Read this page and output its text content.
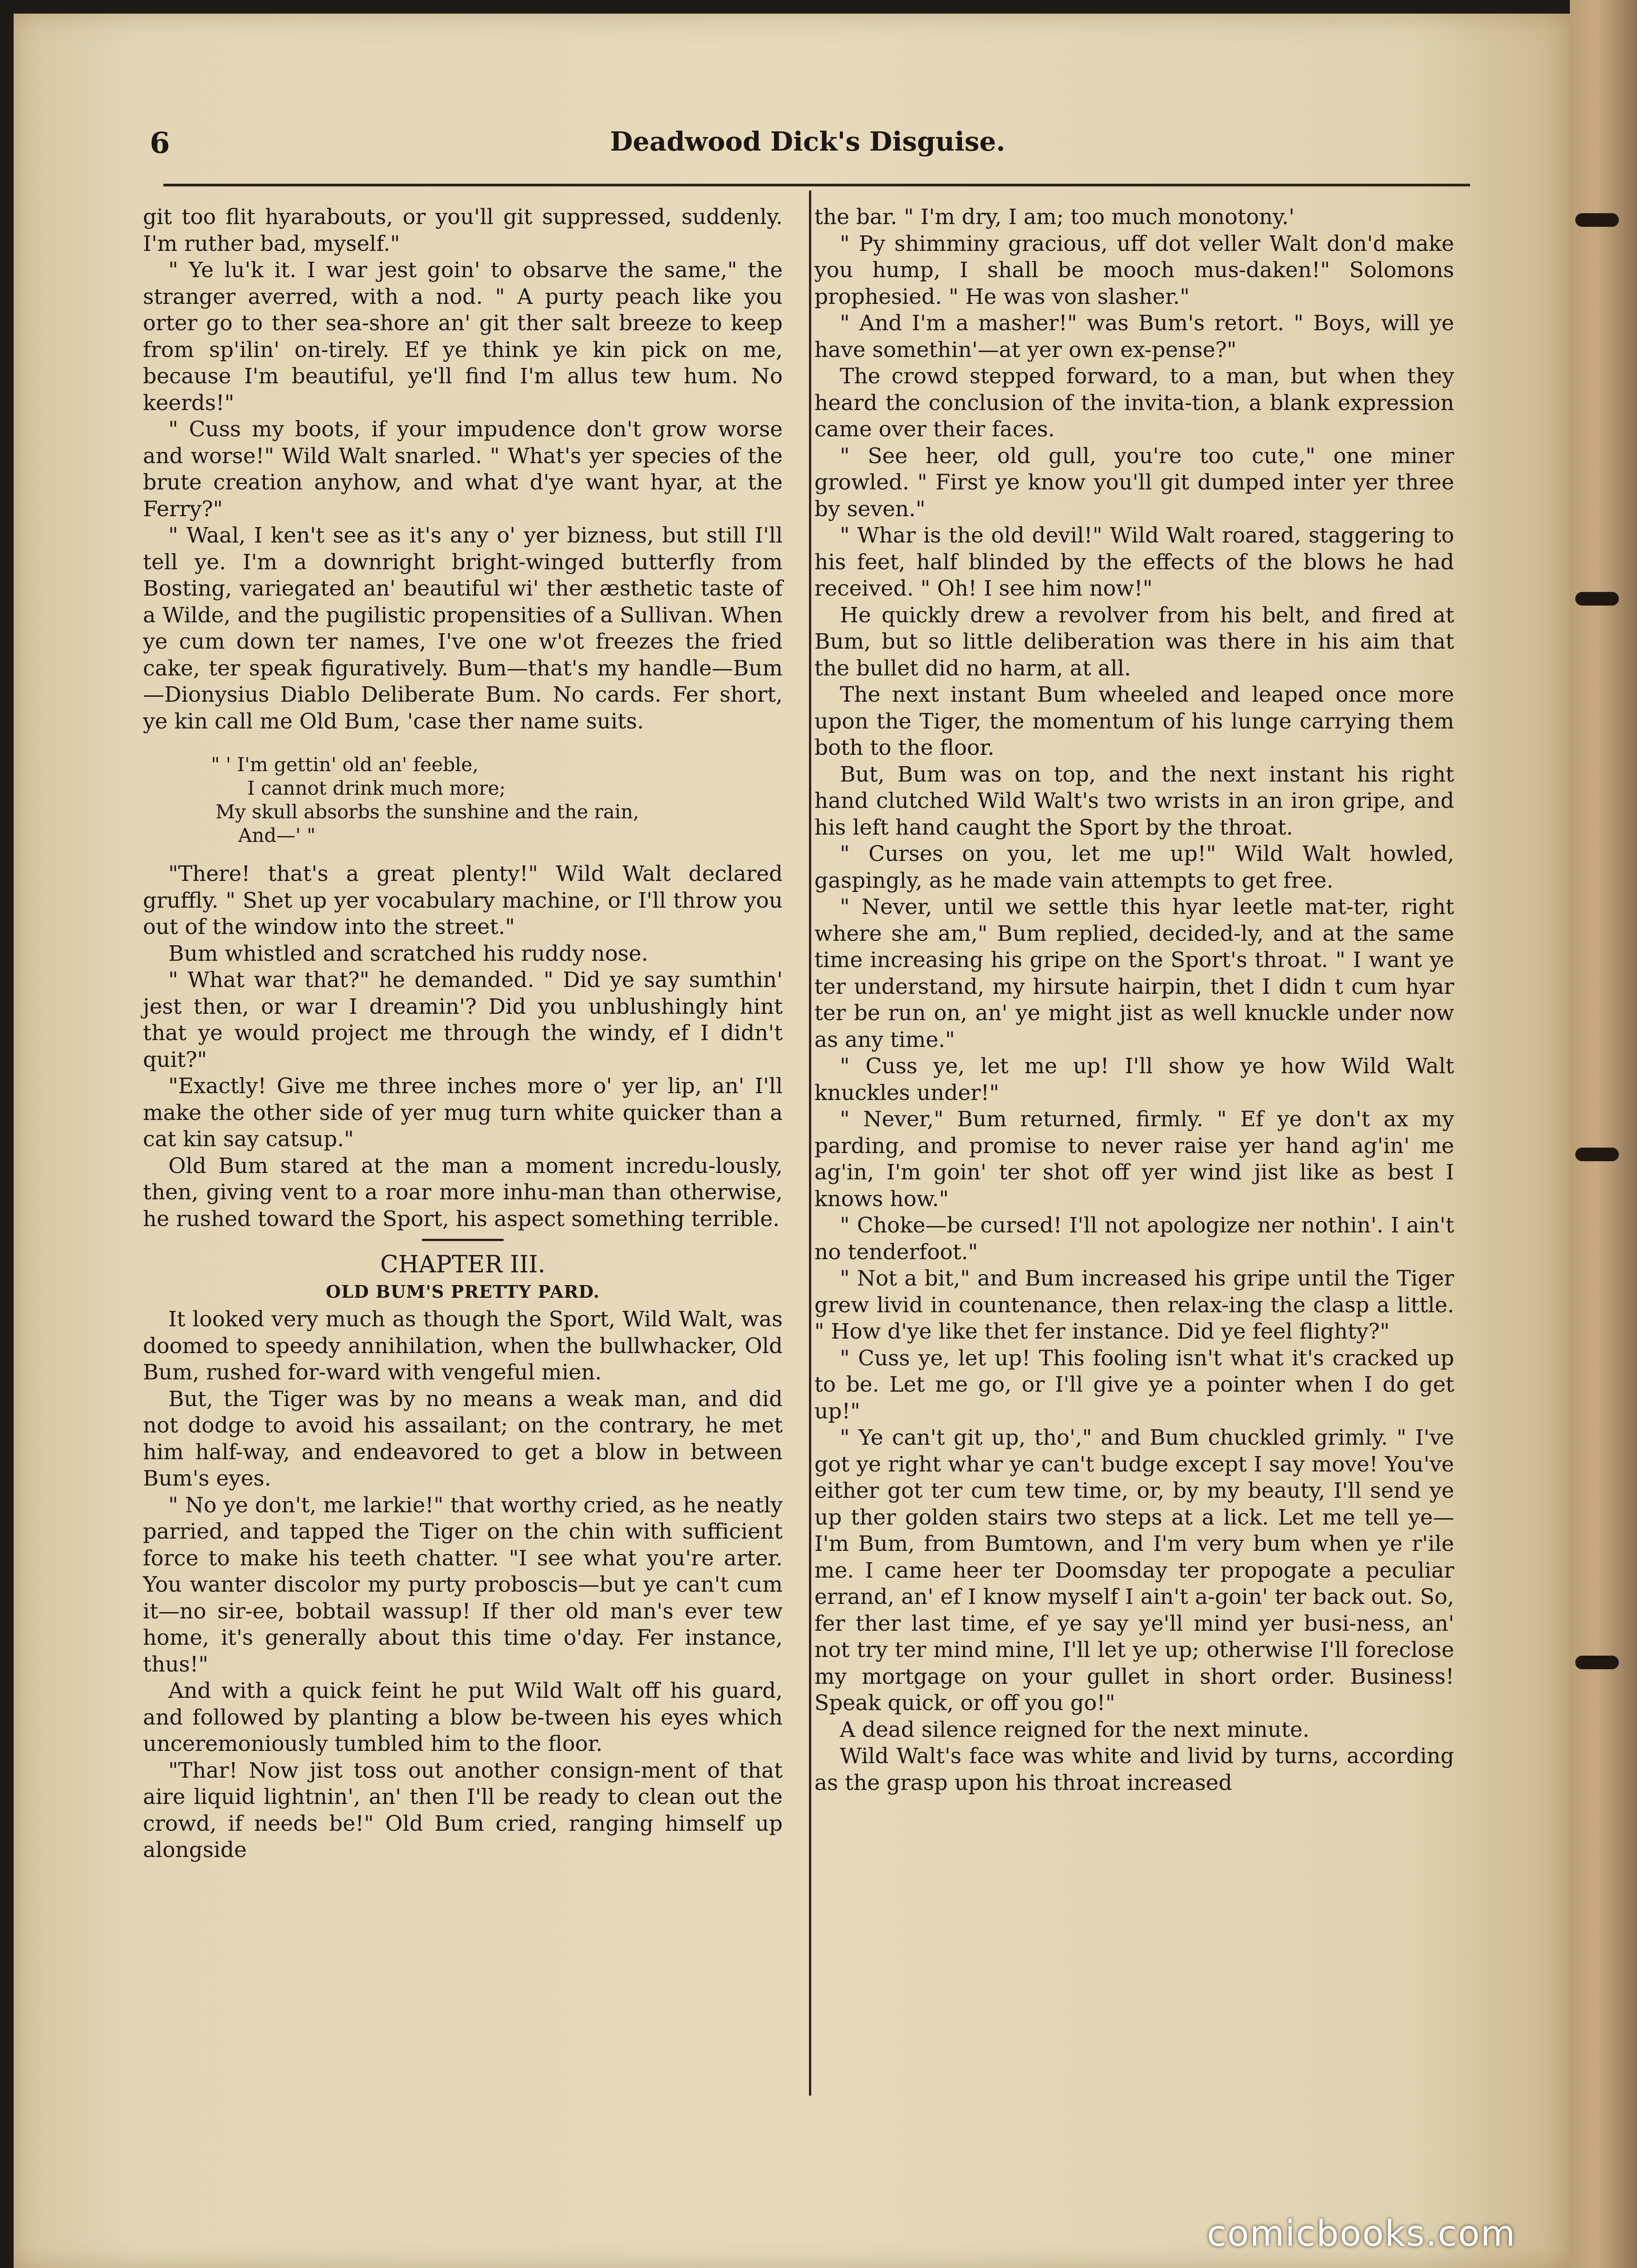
6	Deadwood Dick's Disguise.

git too flit hyarabouts, or you'll git suppressed, suddenly. I'm ruther bad, myself."

" Ye lu'k it. I war jest goin' to obsarve the same," the stranger averred, with a nod. " A purty peach like you orter go to ther sea-shore an' git ther salt breeze to keep from sp'ilin' on-tirely. Ef ye think ye kin pick on me, because I'm beautiful, ye'll find I'm allus tew hum. No keerds!"

" Cuss my boots, if your impudence don't grow worse and worse!" Wild Walt snarled. " What's yer species of the brute creation anyhow, and what d'ye want hyar, at the Ferry?"

" Waal, I ken't see as it's any o' yer bizness, but still I'll tell ye. I'm a downright bright-winged butterfly from Bosting, variegated an' beautiful wi' ther æsthetic taste of a Wilde, and the pugilistic propensities of a Sullivan. When ye cum down ter names, I've one w'ot freezes the fried cake, ter speak figuratively. Bum—that's my handle—Bum—Dionysius Diablo Deliberate Bum. No cards. Fer short, ye kin call me Old Bum, 'case ther name suits.

" ' I'm gettin' old an' feeble,
I cannot drink much more;
My skull absorbs the sunshine and the rain,
And—' "

"There! that's a great plenty!" Wild Walt declared gruffly. " Shet up yer vocabulary machine, or I'll throw you out of the window into the street."

Bum whistled and scratched his ruddy nose.

" What war that?" he demanded. " Did ye say sumthin' jest then, or war I dreamin'? Did you unblushingly hint that ye would project me through the windy, ef I didn't quit?"

"Exactly! Give me three inches more o' yer lip, an' I'll make the other side of yer mug turn white quicker than a cat kin say catsup."

Old Bum stared at the man a moment incredu-lously, then, giving vent to a roar more inhu-man than otherwise, he rushed toward the Sport, his aspect something terrible.

CHAPTER III.
OLD BUM'S PRETTY PARD.

It looked very much as though the Sport, Wild Walt, was doomed to speedy annihilation, when the bullwhacker, Old Bum, rushed for-ward with vengeful mien.

But, the Tiger was by no means a weak man, and did not dodge to avoid his assailant; on the contrary, he met him half-way, and endeavored to get a blow in between Bum's eyes.

" No ye don't, me larkie!" that worthy cried, as he neatly parried, and tapped the Tiger on the chin with sufficient force to make his teeth chatter. "I see what you're arter. You wanter discolor my purty proboscis—but ye can't cum it—no sir-ee, bobtail wassup! If ther old man's ever tew home, it's generally about this time o'day. Fer instance, thus!"

And with a quick feint he put Wild Walt off his guard, and followed by planting a blow be-tween his eyes which unceremoniously tumbled him to the floor.

"Thar! Now jist toss out another consign-ment of that aire liquid lightnin', an' then I'll be ready to clean out the crowd, if needs be!" Old Bum cried, ranging himself up alongside

the bar. " I'm dry, I am; too much monotony.'

" Py shimminy gracious, uff dot veller Walt don'd make you hump, I shall be mooch mus-daken!" Solomons prophesied. " He was von slasher."

" And I'm a masher!" was Bum's retort. " Boys, will ye have somethin'—at yer own ex-pense?"

The crowd stepped forward, to a man, but when they heard the conclusion of the invita-tion, a blank expression came over their faces.

" See heer, old gull, you're too cute," one miner growled. " First ye know you'll git dumped inter yer three by seven."

" Whar is the old devil!" Wild Walt roared, staggering to his feet, half blinded by the effects of the blows he had received. " Oh! I see him now!"

He quickly drew a revolver from his belt, and fired at Bum, but so little deliberation was there in his aim that the bullet did no harm, at all.

The next instant Bum wheeled and leaped once more upon the Tiger, the momentum of his lunge carrying them both to the floor.

But, Bum was on top, and the next instant his right hand clutched Wild Walt's two wrists in an iron gripe, and his left hand caught the Sport by the throat.

" Curses on you, let me up!" Wild Walt howled, gaspingly, as he made vain attempts to get free.

" Never, until we settle this hyar leetle mat-ter, right where she am," Bum replied, decided-ly, and at the same time increasing his gripe on the Sport's throat. " I want ye ter understand, my hirsute hairpin, thet I didn t cum hyar ter be run on, an' ye might jist as well knuckle under now as any time."

" Cuss ye, let me up! I'll show ye how Wild Walt knuckles under!"

" Never," Bum returned, firmly. " Ef ye don't ax my parding, and promise to never raise yer hand ag'in' me ag'in, I'm goin' ter shot off yer wind jist like as best I knows how."

" Choke—be cursed! I'll not apologize ner nothin'. I ain't no tenderfoot."

" Not a bit," and Bum increased his gripe until the Tiger grew livid in countenance, then relax-ing the clasp a little. " How d'ye like thet fer instance. Did ye feel flighty?"

" Cuss ye, let up! This fooling isn't what it's cracked up to be. Let me go, or I'll give ye a pointer when I do get up!"

" Ye can't git up, tho'," and Bum chuckled grimly. " I've got ye right whar ye can't budge except I say move! You've either got ter cum tew time, or, by my beauty, I'll send ye up ther golden stairs two steps at a lick. Let me tell ye—I'm Bum, from Bumtown, and I'm very bum when ye r'ile me. I came heer ter Doomsday ter propogate a peculiar errand, an' ef I know myself I ain't a-goin' ter back out. So, fer ther last time, ef ye say ye'll mind yer busi-ness, an' not try ter mind mine, I'll let ye up; otherwise I'll foreclose my mortgage on your gullet in short order. Business! Speak quick, or off you go!"

A dead silence reigned for the next minute.

Wild Walt's face was white and livid by turns, according as the grasp upon his throat increased

comicbooks.com
